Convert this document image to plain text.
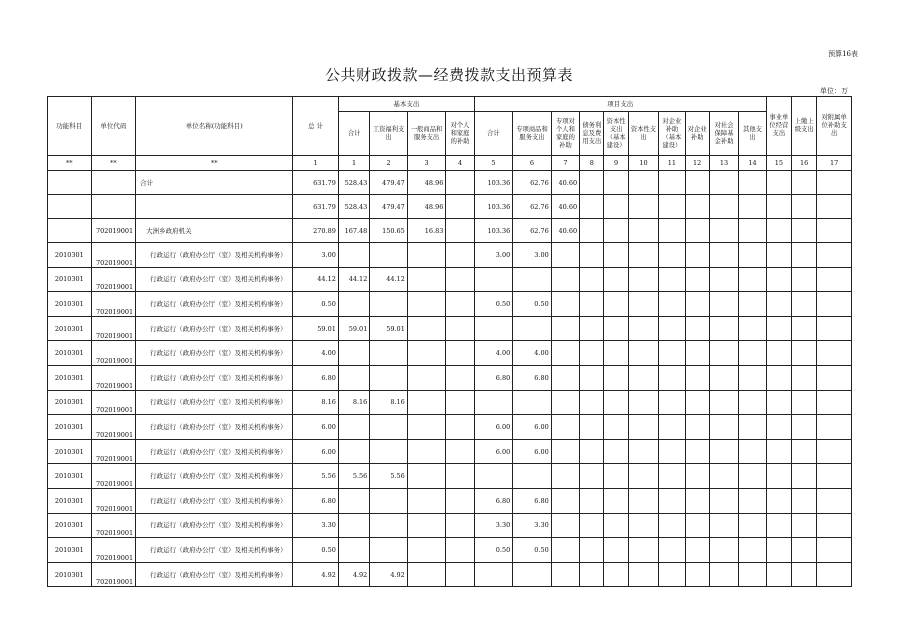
预算16表
公共财政拨款—经费拨款支出预算表
单位：万
功能科目	单位代码	单位名称(功能科目)	总 计	基本支出				项目支出										事业单位经营支出	上缴上级支出	对附属单位补助支出
				合计	工资福利支出	一般商品和服务支出	对个人和家庭的补助	合计	专项商品和服务支出	专项对个人和家庭的补助	债务利息及费用支出	资本性支出（基本建设）	资本性支出	对企业补助（基本建设）	对企业补助	对社会保障基金补助	其他支出			
**	**	**	1	1	2	3	4	5	6	7	8	9	10	11	12	13	14	15	16	17
		合计	631.79	528.43	479.47	48.96		103.36	62.76	40.60										
			631.79	528.43	479.47	48.96		103.36	62.76	40.60										
	702019001	大洲乡政府机关	270.89	167.48	150.65	16.83		103.36	62.76	40.60										
2010301	702019001	行政运行（政府办公厅（室）及相关机构事务）	3.00					3.00	3.00											
2010301	702019001	行政运行（政府办公厅（室）及相关机构事务）	44.12	44.12	44.12															
2010301	702019001	行政运行（政府办公厅（室）及相关机构事务）	0.50					0.50	0.50											
2010301	702019001	行政运行（政府办公厅（室）及相关机构事务）	59.01	59.01	59.01															
2010301	702019001	行政运行（政府办公厅（室）及相关机构事务）	4.00					4.00	4.00											
2010301	702019001	行政运行（政府办公厅（室）及相关机构事务）	6.80					6.80	6.80											
2010301	702019001	行政运行（政府办公厅（室）及相关机构事务）	8.16	8.16	8.16															
2010301	702019001	行政运行（政府办公厅（室）及相关机构事务）	6.00					6.00	6.00											
2010301	702019001	行政运行（政府办公厅（室）及相关机构事务）	6.00					6.00	6.00											
2010301	702019001	行政运行（政府办公厅（室）及相关机构事务）	5.56	5.56	5.56															
2010301	702019001	行政运行（政府办公厅（室）及相关机构事务）	6.80					6.80	6.80											
2010301	702019001	行政运行（政府办公厅（室）及相关机构事务）	3.30					3.30	3.30											
2010301	702019001	行政运行（政府办公厅（室）及相关机构事务）	0.50					0.50	0.50											
2010301	702019001	行政运行（政府办公厅（室）及相关机构事务）	4.92	4.92	4.92															
